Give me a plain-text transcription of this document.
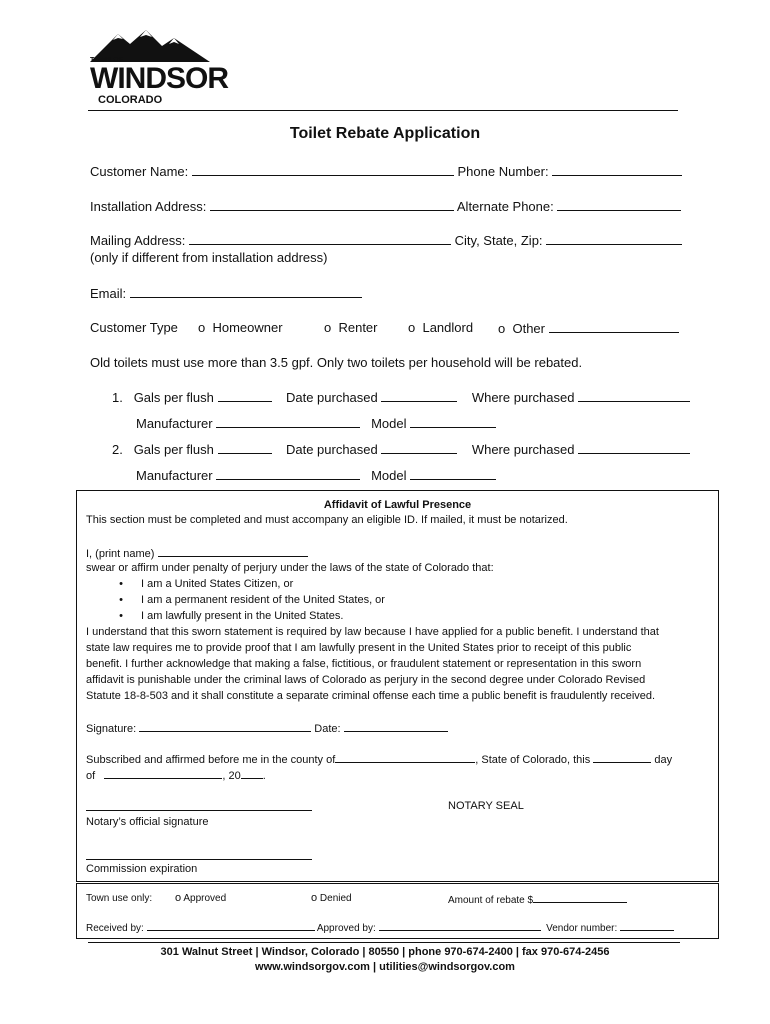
TOWN OF
WINDSOR
COLORADO
Toilet Rebate Application
Customer Name:	Phone Number:
Installation Address:	Alternate Phone:
Mailing Address:	City, State, Zip:
(only if different from installation address)
Email:
Customer Type o Homeowner	o Renter o Landlord o Other
Old toilets must use more than 3.5 gpf. Only two toilets per household will be rebated.
1. Gals per flush	Date purchased	Where purchased
Manufacturer	Model
2. Gals per flush	Date purchased	Where purchased
Manufacturer	Model
Affidavit of Lawful Presence
This section must be completed and must accompany an eligible ID. If mailed, it must be notarized.
I, (print name)
swear or affirm under penalty of perjury under the laws of the state of Colorado that:
• I am a United States Citizen, or
• I am a permanent resident of the United States, or
• I am lawfully present in the United States.
I understand that this sworn statement is required by law because I have applied for a public benefit. I understand that
state law requires me to provide proof that I am lawfully present in the United States prior to receipt of this public
benefit. I further acknowledge that making a false, fictitious, or fraudulent statement or representation in this sworn
affidavit is punishable under the criminal laws of Colorado as perjury in the second degree under Colorado Revised
Statute 18-8-503 and it shall constitute a separate criminal offense each time a public benefit is fraudulently received.
Signature:	Date:
Subscribed and affirmed before me in the county of	, State of Colorado, this	day
of	, 20 .
NOTARY SEAL
Notary’s official signature
Commission expiration
Town use only: o Approved	o Denied	Amount of rebate $
Received by:	Approved by:	Vendor number:
301 Walnut Street | Windsor, Colorado | 80550 | phone 970-674-2400 | fax 970-674-2456
www.windsorgov.com | utilities@windsorgov.com
